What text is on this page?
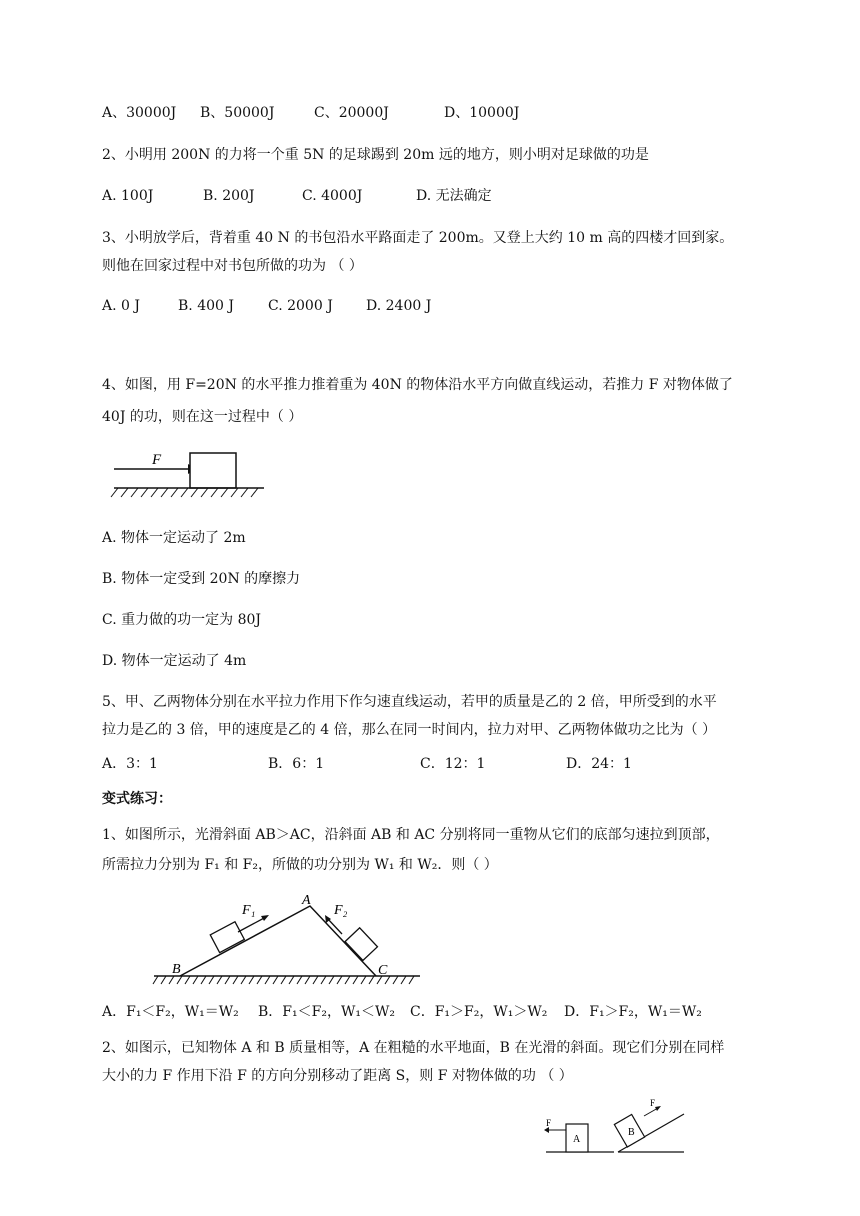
A、30000J B、50000J	C、20000J	D、10000J
2、小明用 200N 的力将一个重 5N 的足球踢到 20m 远的地方，则小明对足球做的功是
A. 100J	B. 200J	C. 4000J	D. 无法确定
3、小明放学后，背着重 40 N 的书包沿水平路面走了 200m。又登上大约 10 m 高的四楼才回到家。
则他在回家过程中对书包所做的功为 （ ）
A. 0 J	B. 400 J C. 2000 J D. 2400 J
4、如图，用 F=20N 的水平推力推着重为 40N 的物体沿水平方向做直线运动，若推力 F 对物体做了
40J 的功，则在这一过程中（ ）
F
A. 物体一定运动了 2m
B. 物体一定受到 20N 的摩擦力
C. 重力做的功一定为 80J
D. 物体一定运动了 4m
5、甲、乙两物体分别在水平拉力作用下作匀速直线运动，若甲的质量是乙的 2 倍，甲所受到的水平
拉力是乙的 3 倍，甲的速度是乙的 4 倍，那么在同一时间内，拉力对甲、乙两物体做功之比为（ ）
A．3：1	B．6：1	C．12：1	D．24：1
变式练习：
1、如图所示，光滑斜面 AB＞AC，沿斜面 AB 和 AC 分别将同一重物从它们的底部匀速拉到顶部，
所需拉力分别为 F₁ 和 F₂，所做的功分别为 W₁ 和 W₂．则（ ）
A
B	C
F₁	F₂
A．F₁＜F₂，W₁＝W₂ B．F₁＜F₂，W₁＜W₂ C．F₁＞F₂，W₁＞W₂ D．F₁＞F₂，W₁＝W₂
2、如图示，已知物体 A 和 B 质量相等，A 在粗糙的水平地面，B 在光滑的斜面。现它们分别在同样
大小的力 F 作用下沿 F 的方向分别移动了距离 S，则 F 对物体做的功 （ ）
A
F
B
F
